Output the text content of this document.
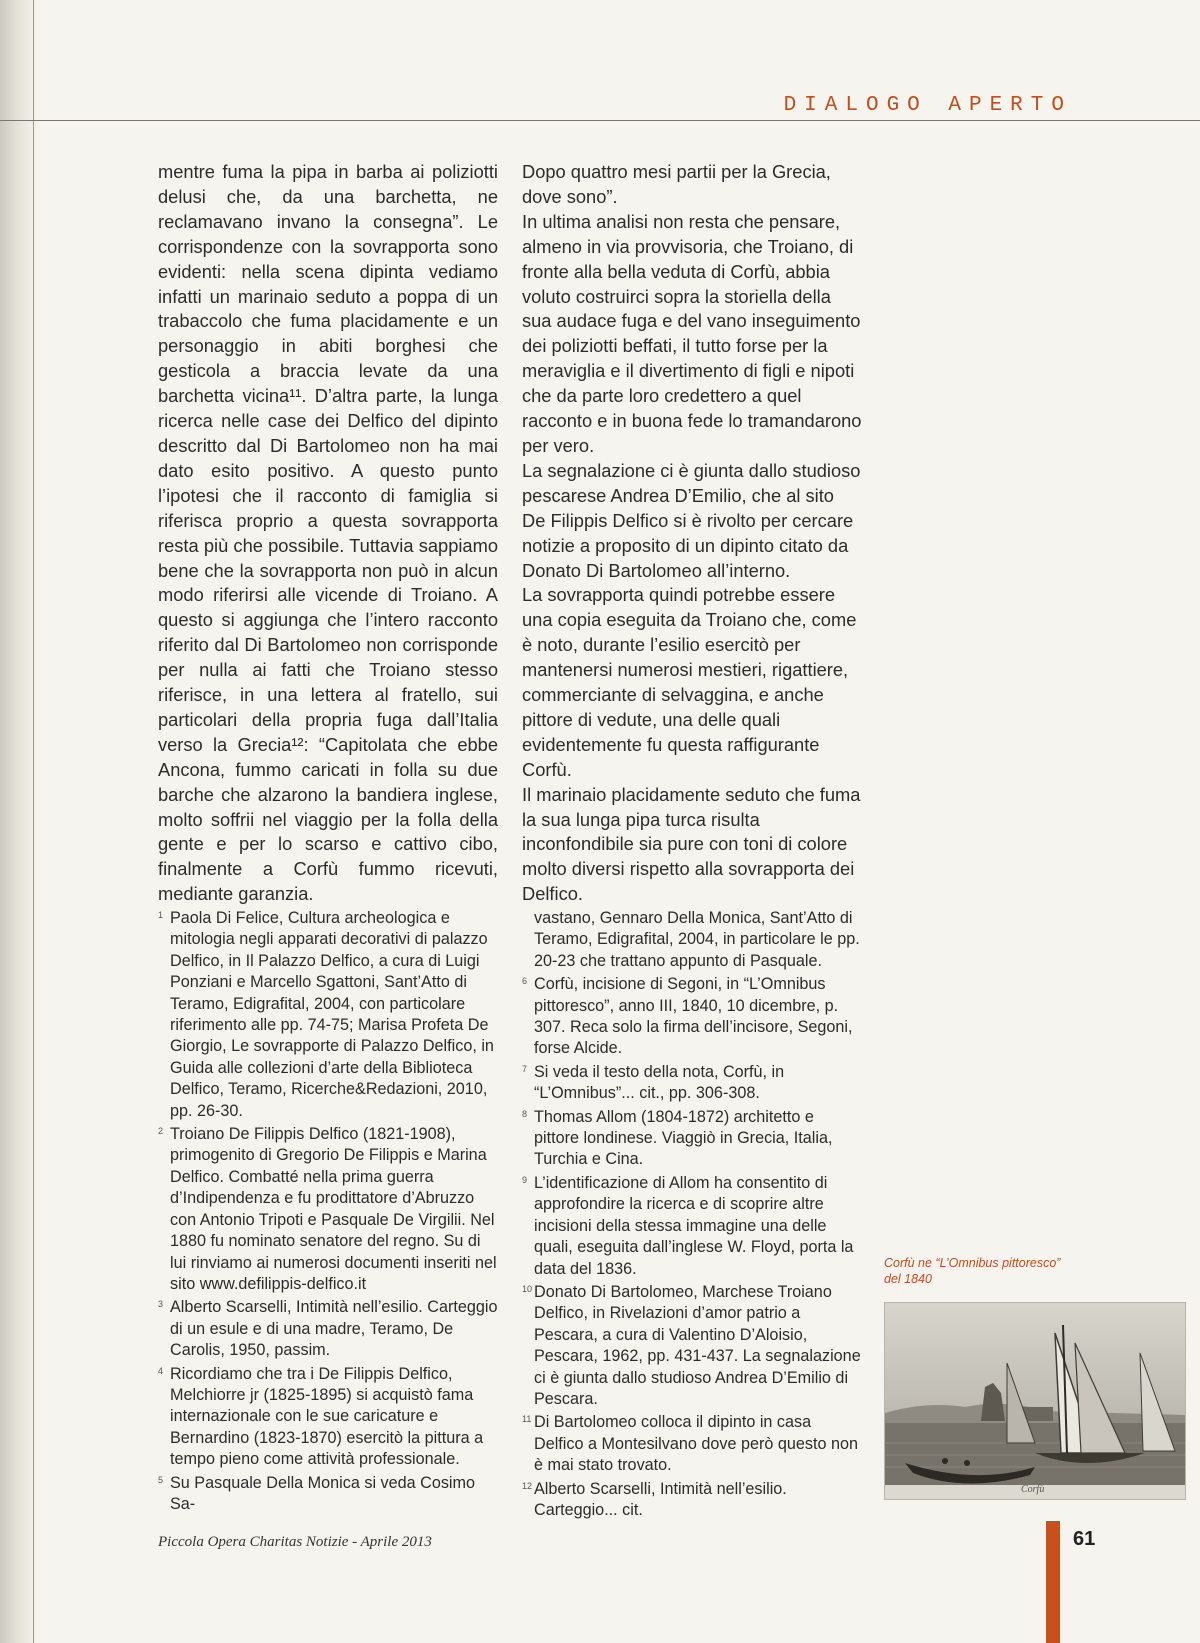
DIALOGO APERTO

mentre fuma la pipa in barba ai poliziotti delusi che, da una barchetta, ne reclamavano invano la consegna”. Le corrispondenze con la sovrapporta sono evidenti: nella scena dipinta vediamo infatti un marinaio seduto a poppa di un trabaccolo che fuma placidamente e un personaggio in abiti borghesi che gesticola a braccia levate da una barchetta vicina¹¹. D’altra parte, la lunga ricerca nelle case dei Delfico del dipinto descritto dal Di Bartolomeo non ha mai dato esito positivo. A questo punto l’ipotesi che il racconto di famiglia si riferisca proprio a questa sovrapporta resta più che possibile. Tuttavia sappiamo bene che la sovrapporta non può in alcun modo riferirsi alle vicende di Troiano. A questo si aggiunga che l’intero racconto riferito dal Di Bartolomeo non corrisponde per nulla ai fatti che Troiano stesso riferisce, in una lettera al fratello, sui particolari della propria fuga dall’Italia verso la Grecia¹²: “Capitolata che ebbe Ancona, fummo caricati in folla su due barche che alzarono la bandiera inglese, molto soffrii nel viaggio per la folla della gente e per lo scarso e cattivo cibo, finalmente a Corfù fummo ricevuti, mediante garanzia.

Dopo quattro mesi partii per la Grecia, dove sono”.

In ultima analisi non resta che pensare, almeno in via provvisoria, che Troiano, di fronte alla bella veduta di Corfù, abbia voluto costruirci sopra la storiella della sua audace fuga e del vano inseguimento dei poliziotti beffati, il tutto forse per la meraviglia e il divertimento di figli e nipoti che da parte loro credettero a quel racconto e in buona fede lo tramandarono per vero.

La segnalazione ci è giunta dallo studioso pescarese Andrea D’Emilio, che al sito De Filippis Delfico si è rivolto per cercare notizie a proposito di un dipinto citato da Donato Di Bartolomeo all’interno.

La sovrapporta quindi potrebbe essere una copia eseguita da Troiano che, come è noto, durante l’esilio esercitò per mantenersi numerosi mestieri, rigattiere, commerciante di selvaggina, e anche pittore di vedute, una delle quali evidentemente fu questa raffigurante Corfù.

Il marinaio placidamente seduto che fuma la sua lunga pipa turca risulta inconfondibile sia pure con toni di colore molto diversi rispetto alla sovrapporta dei Delfico.

1 Paola Di Felice, Cultura archeologica e mitologia negli apparati decorativi di palazzo Delfico, in Il Palazzo Delfico, a cura di Luigi Ponziani e Marcello Sgattoni, Sant’Atto di Teramo, Edigrafital, 2004, con particolare riferimento alle pp. 74-75; Marisa Profeta De Giorgio, Le sovrapporte di Palazzo Delfico, in Guida alle collezioni d’arte della Biblioteca Delfico, Teramo, Ricerche&Redazioni, 2010, pp. 26-30.
2 Troiano De Filippis Delfico (1821-1908), primogenito di Gregorio De Filippis e Marina Delfico. Combatté nella prima guerra d’Indipendenza e fu prodittatore d’Abruzzo con Antonio Tripoti e Pasquale De Virgilii. Nel 1880 fu nominato senatore del regno. Su di lui rinviamo ai numerosi documenti inseriti nel sito www.defilippis-delfico.it
3 Alberto Scarselli, Intimità nell’esilio. Carteggio di un esule e di una madre, Teramo, De Carolis, 1950, passim.
4 Ricordiamo che tra i De Filippis Delfico, Melchiorre jr (1825-1895) si acquistò fama internazionale con le sue caricature e Bernardino (1823-1870) esercitò la pittura a tempo pieno come attività professionale.
5 Su Pasquale Della Monica si veda Cosimo Sa-
vastano, Gennaro Della Monica, Sant’Atto di Teramo, Edigrafital, 2004, in particolare le pp. 20-23 che trattano appunto di Pasquale.
6 Corfù, incisione di Segoni, in “L’Omnibus pittoresco”, anno III, 1840, 10 dicembre, p. 307. Reca solo la firma dell’incisore, Segoni, forse Alcide.
7 Si veda il testo della nota, Corfù, in “L’Omnibus”... cit., pp. 306-308.
8 Thomas Allom (1804-1872) architetto e pittore londinese. Viaggiò in Grecia, Italia, Turchia e Cina.
9 L’identificazione di Allom ha consentito di approfondire la ricerca e di scoprire altre incisioni della stessa immagine una delle quali, eseguita dall’inglese W. Floyd, porta la data del 1836.
10 Donato Di Bartolomeo, Marchese Troiano Delfico, in Rivelazioni d’amor patrio a Pescara, a cura di Valentino D’Aloisio, Pescara, 1962, pp. 431-437. La segnalazione ci è giunta dallo studioso Andrea D’Emilio di Pescara.
11 Di Bartolomeo colloca il dipinto in casa Delfico a Montesilvano dove però questo non è mai stato trovato.
12 Alberto Scarselli, Intimità nell’esilio. Carteggio... cit.
Corfù ne “L’Omnibus pittoresco” del 1840
Corfù
Piccola Opera Charitas Notizie - Aprile 2013	61
